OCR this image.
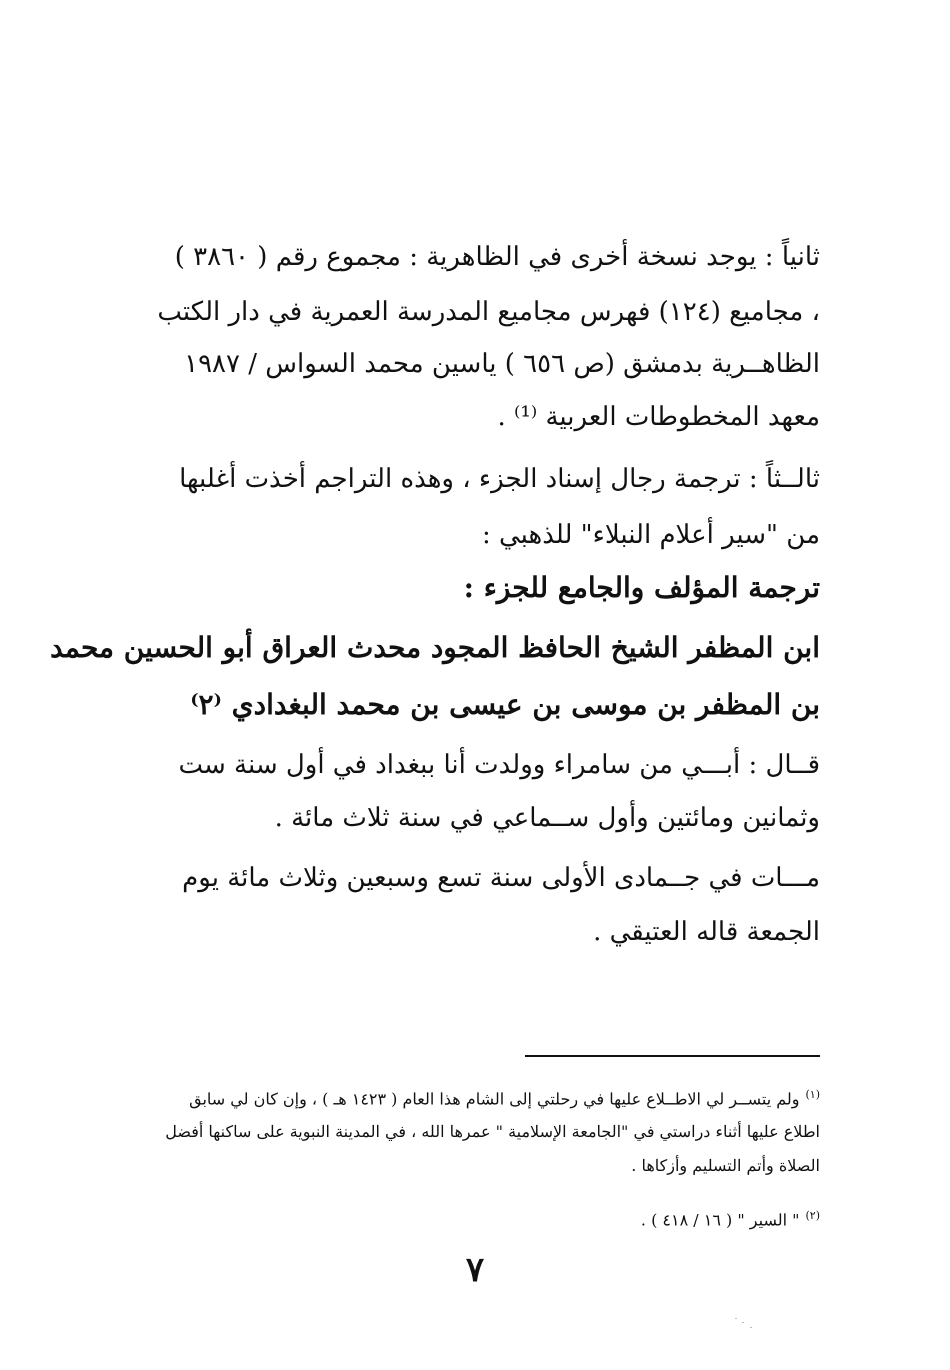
ثانياً : يوجد نسخة أخرى في الظاهرية : مجموع رقم ( ٣٨٦٠ )
، مجاميع (١٢٤) فهرس مجاميع المدرسة العمرية في دار الكتب
الظاهــرية بدمشق (ص ٦٥٦ ) ياسين محمد السواس / ١٩٨٧
معهد المخطوطات العربية ⁽¹⁾ .
ثالــثاً : ترجمة رجال إسناد الجزء ، وهذه التراجم أخذت أغلبها
من "سير أعلام النبلاء" للذهبي :
ترجمة المؤلف والجامع للجزء :
ابن المظفر الشيخ الحافظ المجود محدث العراق أبو الحسين محمد
بن المظفر بن موسى بن عيسى بن محمد البغدادي ⁽٢⁾
قــال : أبـــي من سامراء وولدت أنا ببغداد في أول سنة ست
وثمانين ومائتين وأول ســماعي في سنة ثلاث مائة .
مـــات في جــمادى الأولى سنة تسع وسبعين وثلاث مائة يوم
الجمعة قاله العتيقي .
$^{(١)}$ولم يتســر لي الاطــلاع عليها في رحلتي إلى الشام هذا العام ( ١٤٢٣ هـ ) ، وإن كان لي سابق
اطلاع عليها أثناء دراستي في "الجامعة الإسلامية " عمرها الله ، في المدينة النبوية على ساكنها أفضل
الصلاة وأتم التسليم وأزكاها .
$^{(٢)}$" السير " ( ١٦ / ٤١٨ ) .
٧
